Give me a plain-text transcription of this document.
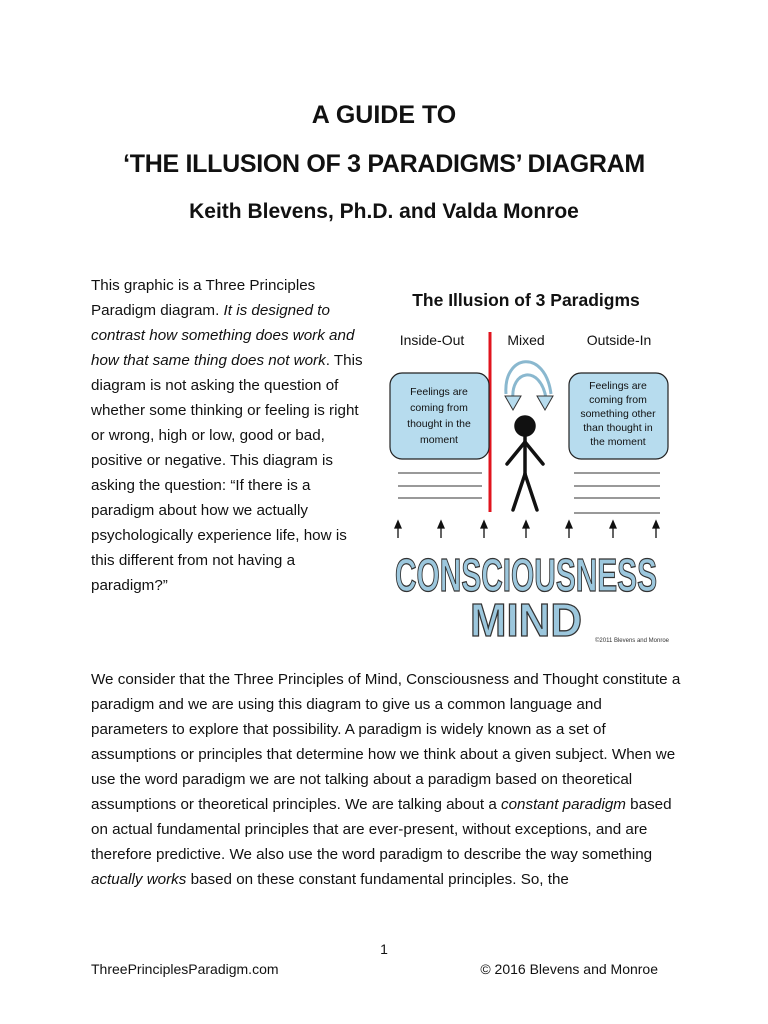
A GUIDE TO
‘THE ILLUSION OF 3 PARADIGMS’ DIAGRAM
Keith Blevens, Ph.D. and Valda Monroe
This graphic is a Three Principles Paradigm diagram. It is designed to contrast how something does work and how that same thing does not work. This diagram is not asking the question of whether some thinking or feeling is right or wrong, high or low, good or bad, positive or negative. This diagram is asking the question: “If there is a paradigm about how we actually psychologically experience life, how is this different from not having a paradigm?”
The Illusion of 3 Paradigms
Inside-Out	Mixed	Outside-In
Feelings are
coming from
thought in the
moment
Feelings are
coming from
something other
than thought in
the moment
CONSCIOUSNESS
MIND ©2011 Blevens and Monroe
We consider that the Three Principles of Mind, Consciousness and Thought constitute a paradigm and we are using this diagram to give us a common language and parameters to explore that possibility. A paradigm is widely known as a set of assumptions or principles that determine how we think about a given subject. When we use the word paradigm we are not talking about a paradigm based on theoretical assumptions or theoretical principles. We are talking about a constant paradigm based on actual fundamental principles that are ever-present, without exceptions, and are therefore predictive. We also use the word paradigm to describe the way something actually works based on these constant fundamental principles. So, the
1
ThreePrinciplesParadigm.com	© 2016 Blevens and Monroe
